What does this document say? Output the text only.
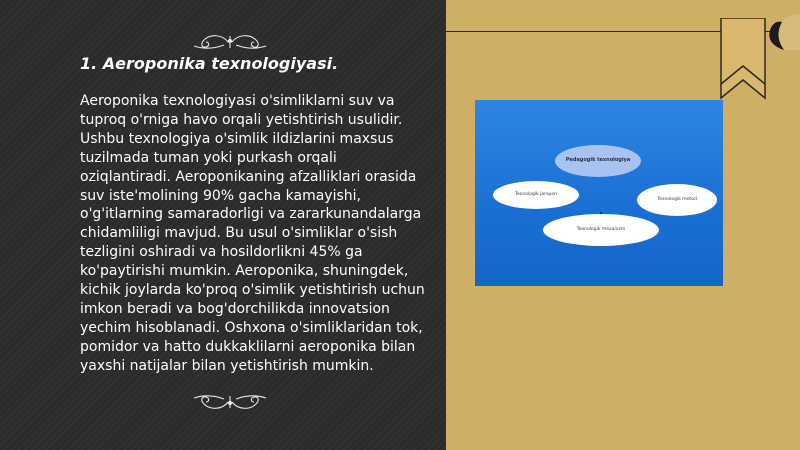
1. Aeroponika texnologiyasi.

Aeroponika texnologiyasi o'simliklarni suv va tuproq o'rniga havo orqali yetishtirish usulidir. Ushbu texnologiya o'simlik ildizlarini maxsus tuzilmada tuman yoki purkash orqali oziqlantiradi. Aeroponikaning afzalliklari orasida suv iste'molining 90% gacha kamayishi, o'g'itlarning samaradorligi va zararkunandalarga chidamliligi mavjud. Bu usul o'simliklar o'sish tezligini oshiradi va hosildorlikni 45% ga ko'paytirishi mumkin. Aeroponika, shuningdek, kichik joylarda ko'proq o'simlik yetishtirish uchun imkon beradi va bog'dorchilikda innovatsion yechim hisoblanadi. Oshxona o'simliklaridan tok, pomidor va hatto dukkaklilarni aeroponika bilan yaxshi natijalar bilan yetishtirish mumkin.

Pedagogik texnologiya
Texnologik jarayon
Texnologik metod
Texnologik mexanizm
